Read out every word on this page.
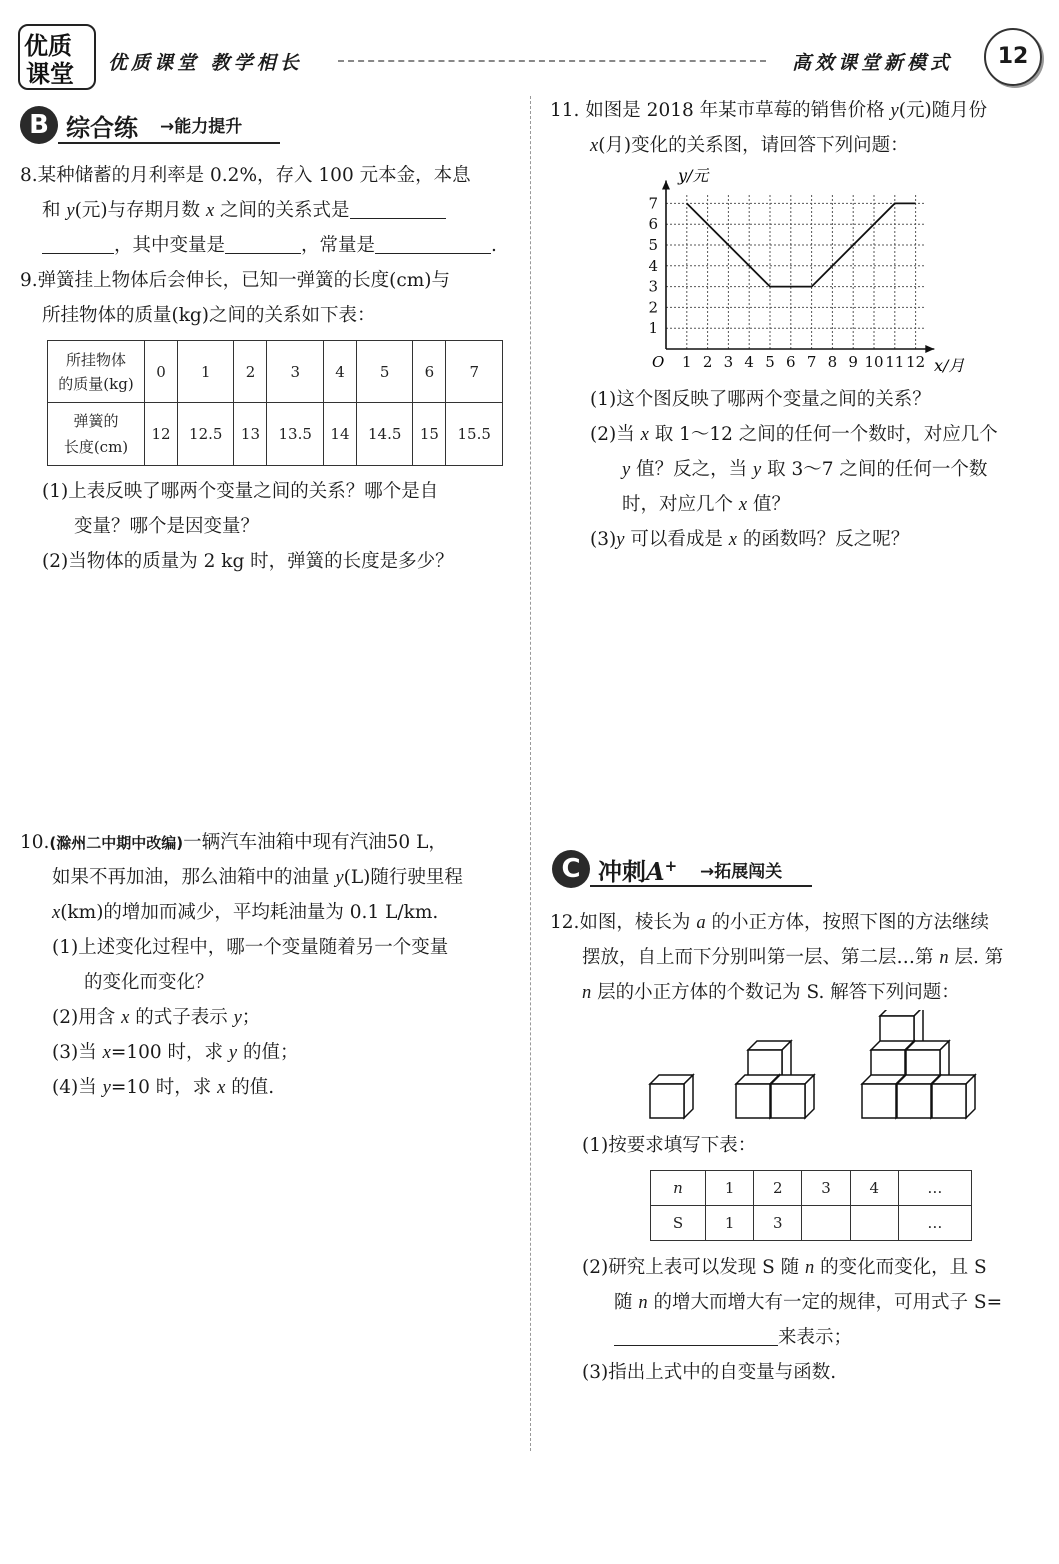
优质
课堂 优质课堂 教学相长	高效课堂新模式	12
B 综合练 →能力提升
8.某种储蓄的月利率是 0.2%，存入 100 元本金，本息
和 y(元)与存期月数 x 之间的关系式是
，其中变量是	，常量是	.
9.弹簧挂上物体后会伸长，已知一弹簧的长度(cm)与
所挂物体的质量(kg)之间的关系如下表：
所挂物体
的质量(kg)	0	1	2	3	4	5	6	7
弹簧的
长度(cm)	12	12.5	13	13.5	14	14.5	15	15.5
(1)上表反映了哪两个变量之间的关系？哪个是自
变量？哪个是因变量？
(2)当物体的质量为 2 kg 时，弹簧的长度是多少？
10.(滁州二中期中改编)一辆汽车油箱中现有汽油50 L，
如果不再加油，那么油箱中的油量 y(L)随行驶里程
x(km)的增加而减少，平均耗油量为 0.1 L/km.
(1)上述变化过程中，哪一个变量随着另一个变量
的变化而变化？
(2)用含 x 的式子表示 y；
(3)当 x=100 时，求 y 的值；
(4)当 y=10 时，求 x 的值.
11. 如图是 2018 年某市草莓的销售价格 y(元)随月份
x(月)变化的关系图，请回答下列问题：
1 2 3 4 5 6 7 8 9 10 11 12
1
2
3
4
5
6
7
y/元
x/月
O
(1)这个图反映了哪两个变量之间的关系？
(2)当 x 取 1～12 之间的任何一个数时，对应几个
y 值？反之，当 y 取 3～7 之间的任何一个数
时，对应几个 x 值？
(3)y 可以看成是 x 的函数吗？反之呢？
C 冲刺A+ →拓展闯关
12.如图，棱长为 a 的小正方体，按照下图的方法继续
摆放，自上而下分别叫第一层、第二层…第 n 层. 第
n 层的小正方体的个数记为 S. 解答下列问题：
(1)按要求填写下表：
n	1	2	3	4	…
S	1	3			…
(2)研究上表可以发现 S 随 n 的变化而变化，且 S
随 n 的增大而增大有一定的规律，可用式子 S=
来表示；
(3)指出上式中的自变量与函数.
